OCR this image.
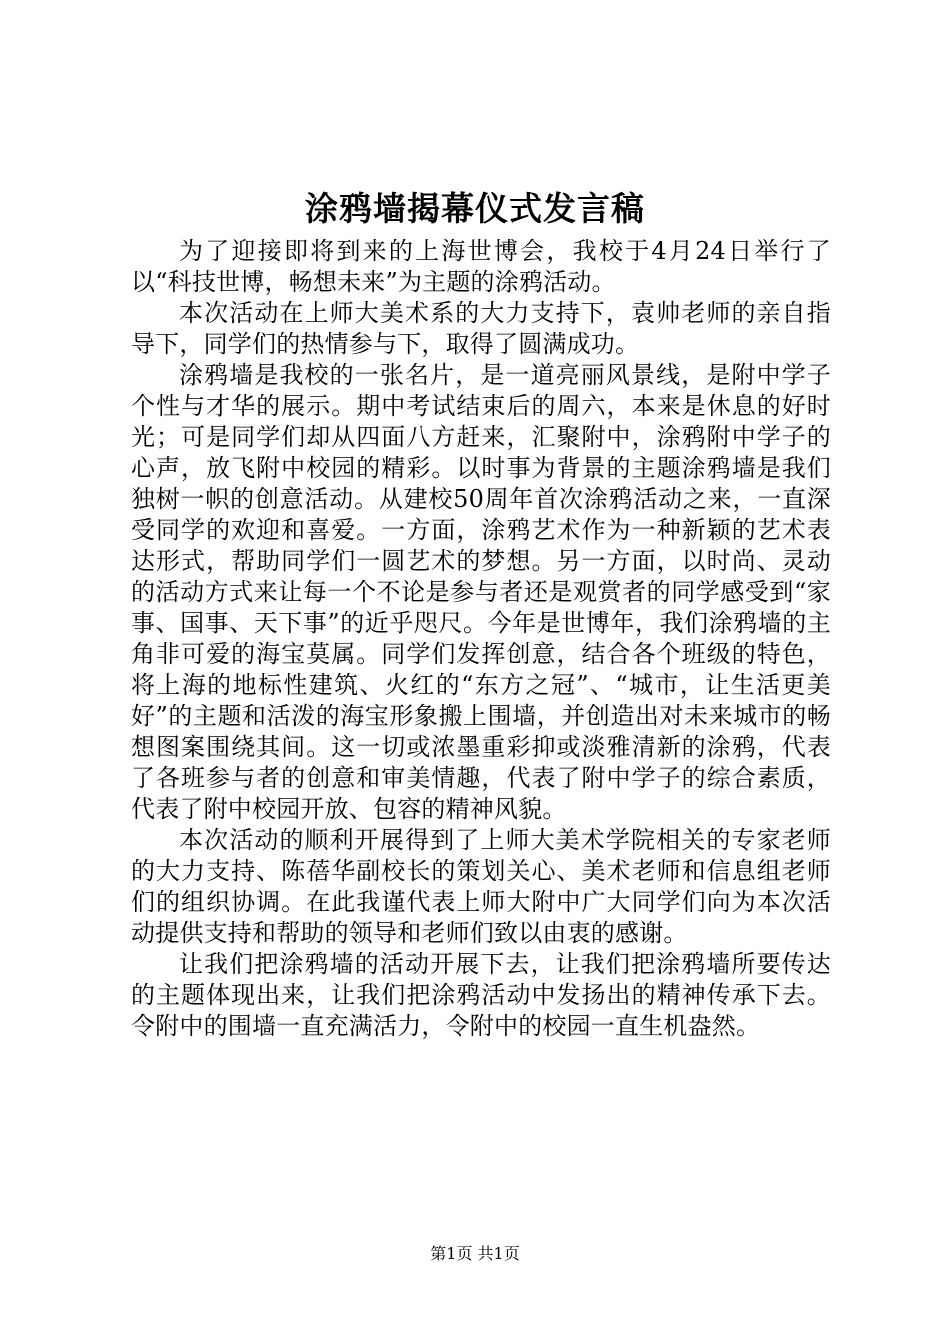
涂鸦墙揭幕仪式发言稿

为了迎接即将到来的上海世博会，我校于4月24日举行了以“科技世博，畅想未来”为主题的涂鸦活动。

本次活动在上师大美术系的大力支持下，袁帅老师的亲自指导下，同学们的热情参与下，取得了圆满成功。

涂鸦墙是我校的一张名片，是一道亮丽风景线，是附中学子个性与才华的展示。期中考试结束后的周六，本来是休息的好时光；可是同学们却从四面八方赶来，汇聚附中，涂鸦附中学子的心声，放飞附中校园的精彩。以时事为背景的主题涂鸦墙是我们独树一帜的创意活动。从建校50周年首次涂鸦活动之来，一直深受同学的欢迎和喜爱。一方面，涂鸦艺术作为一种新颖的艺术表达形式，帮助同学们一圆艺术的梦想。另一方面，以时尚、灵动的活动方式来让每一个不论是参与者还是观赏者的同学感受到“家事、国事、天下事”的近乎咫尺。今年是世博年，我们涂鸦墙的主角非可爱的海宝莫属。同学们发挥创意，结合各个班级的特色，将上海的地标性建筑、火红的“东方之冠”、“城市，让生活更美好”的主题和活泼的海宝形象搬上围墙，并创造出对未来城市的畅想图案围绕其间。这一切或浓墨重彩抑或淡雅清新的涂鸦，代表了各班参与者的创意和审美情趣，代表了附中学子的综合素质，代表了附中校园开放、包容的精神风貌。

本次活动的顺利开展得到了上师大美术学院相关的专家老师的大力支持、陈蓓华副校长的策划关心、美术老师和信息组老师们的组织协调。在此我谨代表上师大附中广大同学们向为本次活动提供支持和帮助的领导和老师们致以由衷的感谢。

让我们把涂鸦墙的活动开展下去，让我们把涂鸦墙所要传达的主题体现出来，让我们把涂鸦活动中发扬出的精神传承下去。令附中的围墙一直充满活力，令附中的校园一直生机盎然。

第1页 共1页
